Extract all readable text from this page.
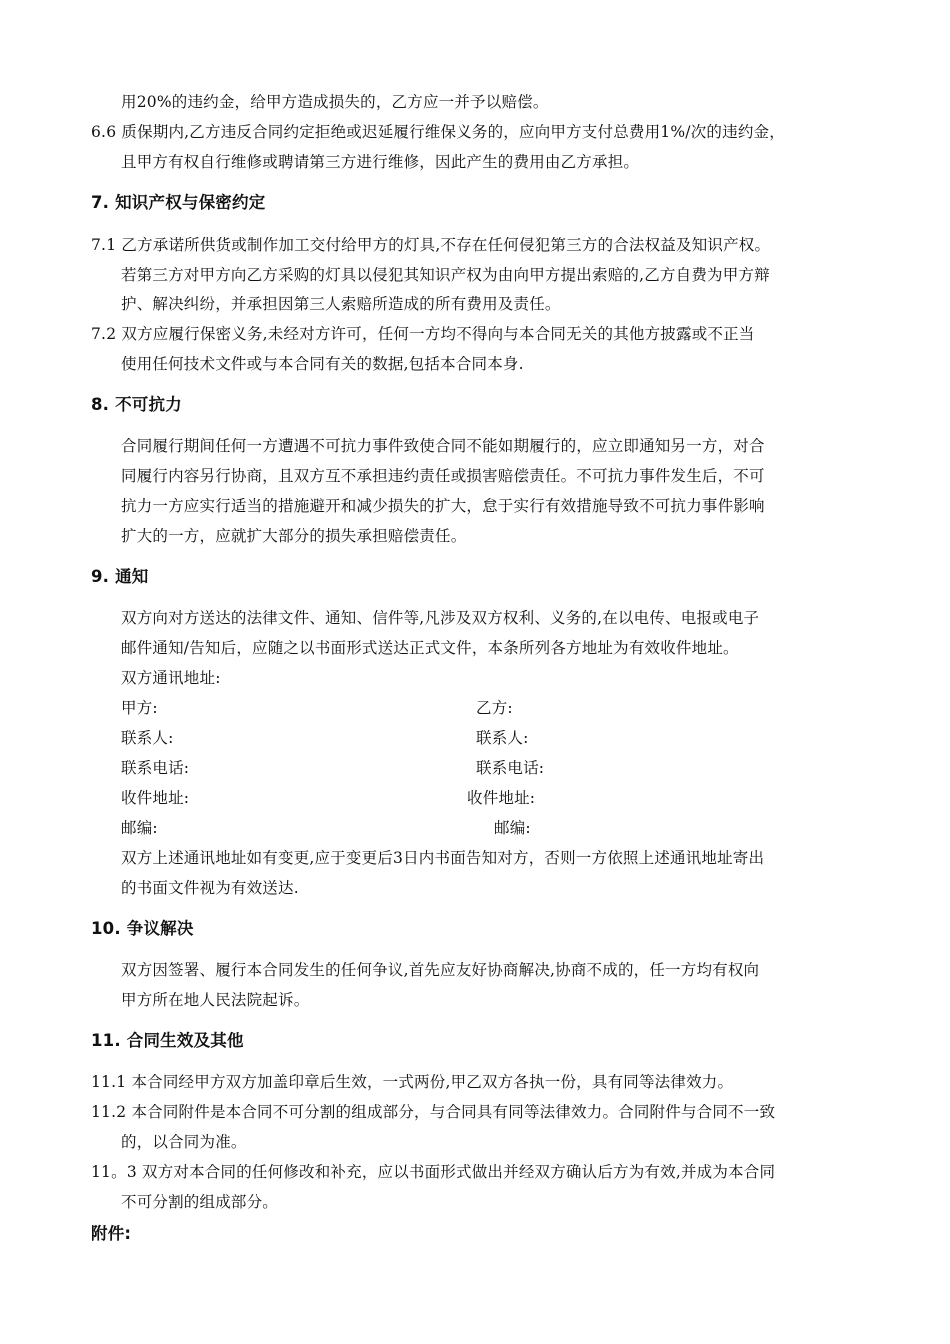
用20%的违约金，给甲方造成损失的，乙方应一并予以赔偿。
6.6 质保期内,乙方违反合同约定拒绝或迟延履行维保义务的，应向甲方支付总费用1%/次的违约金，
且甲方有权自行维修或聘请第三方进行维修，因此产生的费用由乙方承担。
7. 知识产权与保密约定
7.1 乙方承诺所供货或制作加工交付给甲方的灯具,不存在任何侵犯第三方的合法权益及知识产权。
若第三方对甲方向乙方采购的灯具以侵犯其知识产权为由向甲方提出索赔的,乙方自费为甲方辩
护、解决纠纷，并承担因第三人索赔所造成的所有费用及责任。
7.2 双方应履行保密义务,未经对方许可，任何一方均不得向与本合同无关的其他方披露或不正当
使用任何技术文件或与本合同有关的数据,包括本合同本身.
8. 不可抗力
合同履行期间任何一方遭遇不可抗力事件致使合同不能如期履行的，应立即通知另一方，对合
同履行内容另行协商，且双方互不承担违约责任或损害赔偿责任。不可抗力事件发生后，不可
抗力一方应实行适当的措施避开和减少损失的扩大，怠于实行有效措施导致不可抗力事件影响
扩大的一方，应就扩大部分的损失承担赔偿责任。
9. 通知
双方向对方送达的法律文件、通知、信件等,凡涉及双方权利、义务的,在以电传、电报或电子
邮件通知/告知后，应随之以书面形式送达正式文件，本条所列各方地址为有效收件地址。
双方通讯地址:
甲方:	乙方:
联系人:	联系人:
联系电话:	联系电话:
收件地址:	收件地址:
邮编:	邮编:
双方上述通讯地址如有变更,应于变更后3日内书面告知对方，否则一方依照上述通讯地址寄出
的书面文件视为有效送达.
10. 争议解决
双方因签署、履行本合同发生的任何争议,首先应友好协商解决,协商不成的，任一方均有权向
甲方所在地人民法院起诉。
11. 合同生效及其他
11.1 本合同经甲方双方加盖印章后生效，一式两份,甲乙双方各执一份，具有同等法律效力。
11.2 本合同附件是本合同不可分割的组成部分，与合同具有同等法律效力。合同附件与合同不一致
的，以合同为准。
11。3 双方对本合同的任何修改和补充，应以书面形式做出并经双方确认后方为有效,并成为本合同
不可分割的组成部分。
附件:
